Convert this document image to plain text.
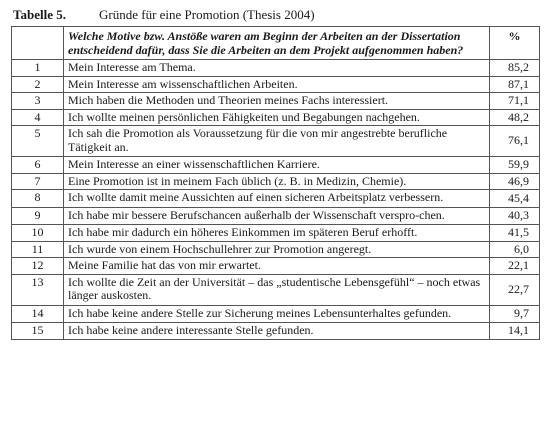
Tabelle 5.	Gründe für eine Promotion (Thesis 2004)
	Welche Motive bzw. Anstöße waren am Beginn der Arbeiten an der Dissertation entscheidend dafür, dass Sie die Arbeiten an dem Projekt aufgenommen haben?	%
1	Mein Interesse am Thema.	85,2
2	Mein Interesse am wissenschaftlichen Arbeiten.	87,1
3	Mich haben die Methoden und Theorien meines Fachs interessiert.	71,1
4	Ich wollte meinen persönlichen Fähigkeiten und Begabungen nachgehen.	48,2
5	Ich sah die Promotion als Voraussetzung für die von mir angestrebte berufliche Tätigkeit an.	76,1
6	Mein Interesse an einer wissenschaftlichen Karriere.	59,9
7	Eine Promotion ist in meinem Fach üblich (z. B. in Medizin, Chemie).	46,9
8	Ich wollte damit meine Aussichten auf einen sicheren Arbeitsplatz verbessern.	45,4
9	Ich habe mir bessere Berufschancen außerhalb der Wissenschaft verspro-chen.	40,3
10	Ich habe mir dadurch ein höheres Einkommen im späteren Beruf erhofft.	41,5
11	Ich wurde von einem Hochschullehrer zur Promotion angeregt.	6,0
12	Meine Familie hat das von mir erwartet.	22,1
13	Ich wollte die Zeit an der Universität – das „studentische Lebensgefühl“ – noch etwas länger auskosten.	22,7
14	Ich habe keine andere Stelle zur Sicherung meines Lebensunterhaltes gefunden.	9,7
15	Ich habe keine andere interessante Stelle gefunden.	14,1
